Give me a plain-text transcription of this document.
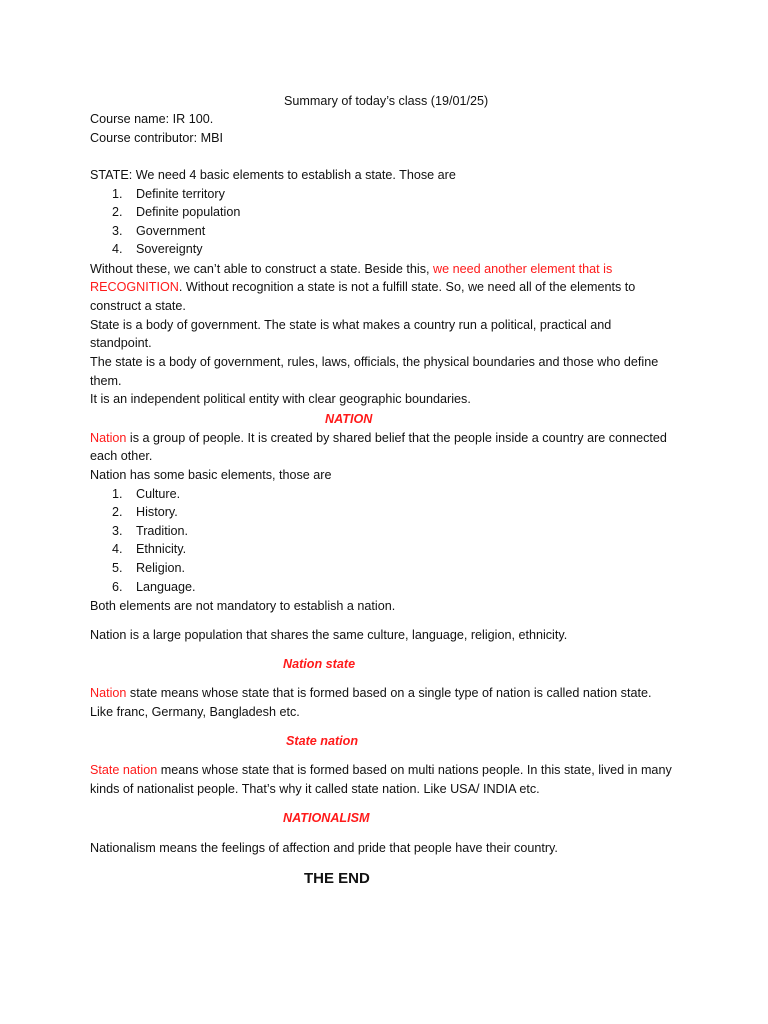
Summary of today’s class (19/01/25)
Course name: IR 100.
Course contributor: MBI
STATE: We need 4 basic elements to establish a state. Those are
1. Definite territory
2. Definite population
3. Government
4. Sovereignty
Without these, we can’t able to construct a state. Beside this, we need another element that is
RECOGNITION. Without recognition a state is not a fulfill state. So, we need all of the elements to
construct a state.
State is a body of government. The state is what makes a country run a political, practical and
standpoint.
The state is a body of government, rules, laws, officials, the physical boundaries and those who define
them.
It is an independent political entity with clear geographic boundaries.
NATION
Nation is a group of people. It is created by shared belief that the people inside a country are connected
each other.
Nation has some basic elements, those are
1. Culture.
2. History.
3. Tradition.
4. Ethnicity.
5. Religion.
6. Language.
Both elements are not mandatory to establish a nation.
Nation is a large population that shares the same culture, language, religion, ethnicity.
Nation state
Nation state means whose state that is formed based on a single type of nation is called nation state.
Like franc, Germany, Bangladesh etc.
State nation
State nation means whose state that is formed based on multi nations people. In this state, lived in many
kinds of nationalist people. That’s why it called state nation. Like USA/ INDIA etc.
NATIONALISM
Nationalism means the feelings of affection and pride that people have their country.
THE END
